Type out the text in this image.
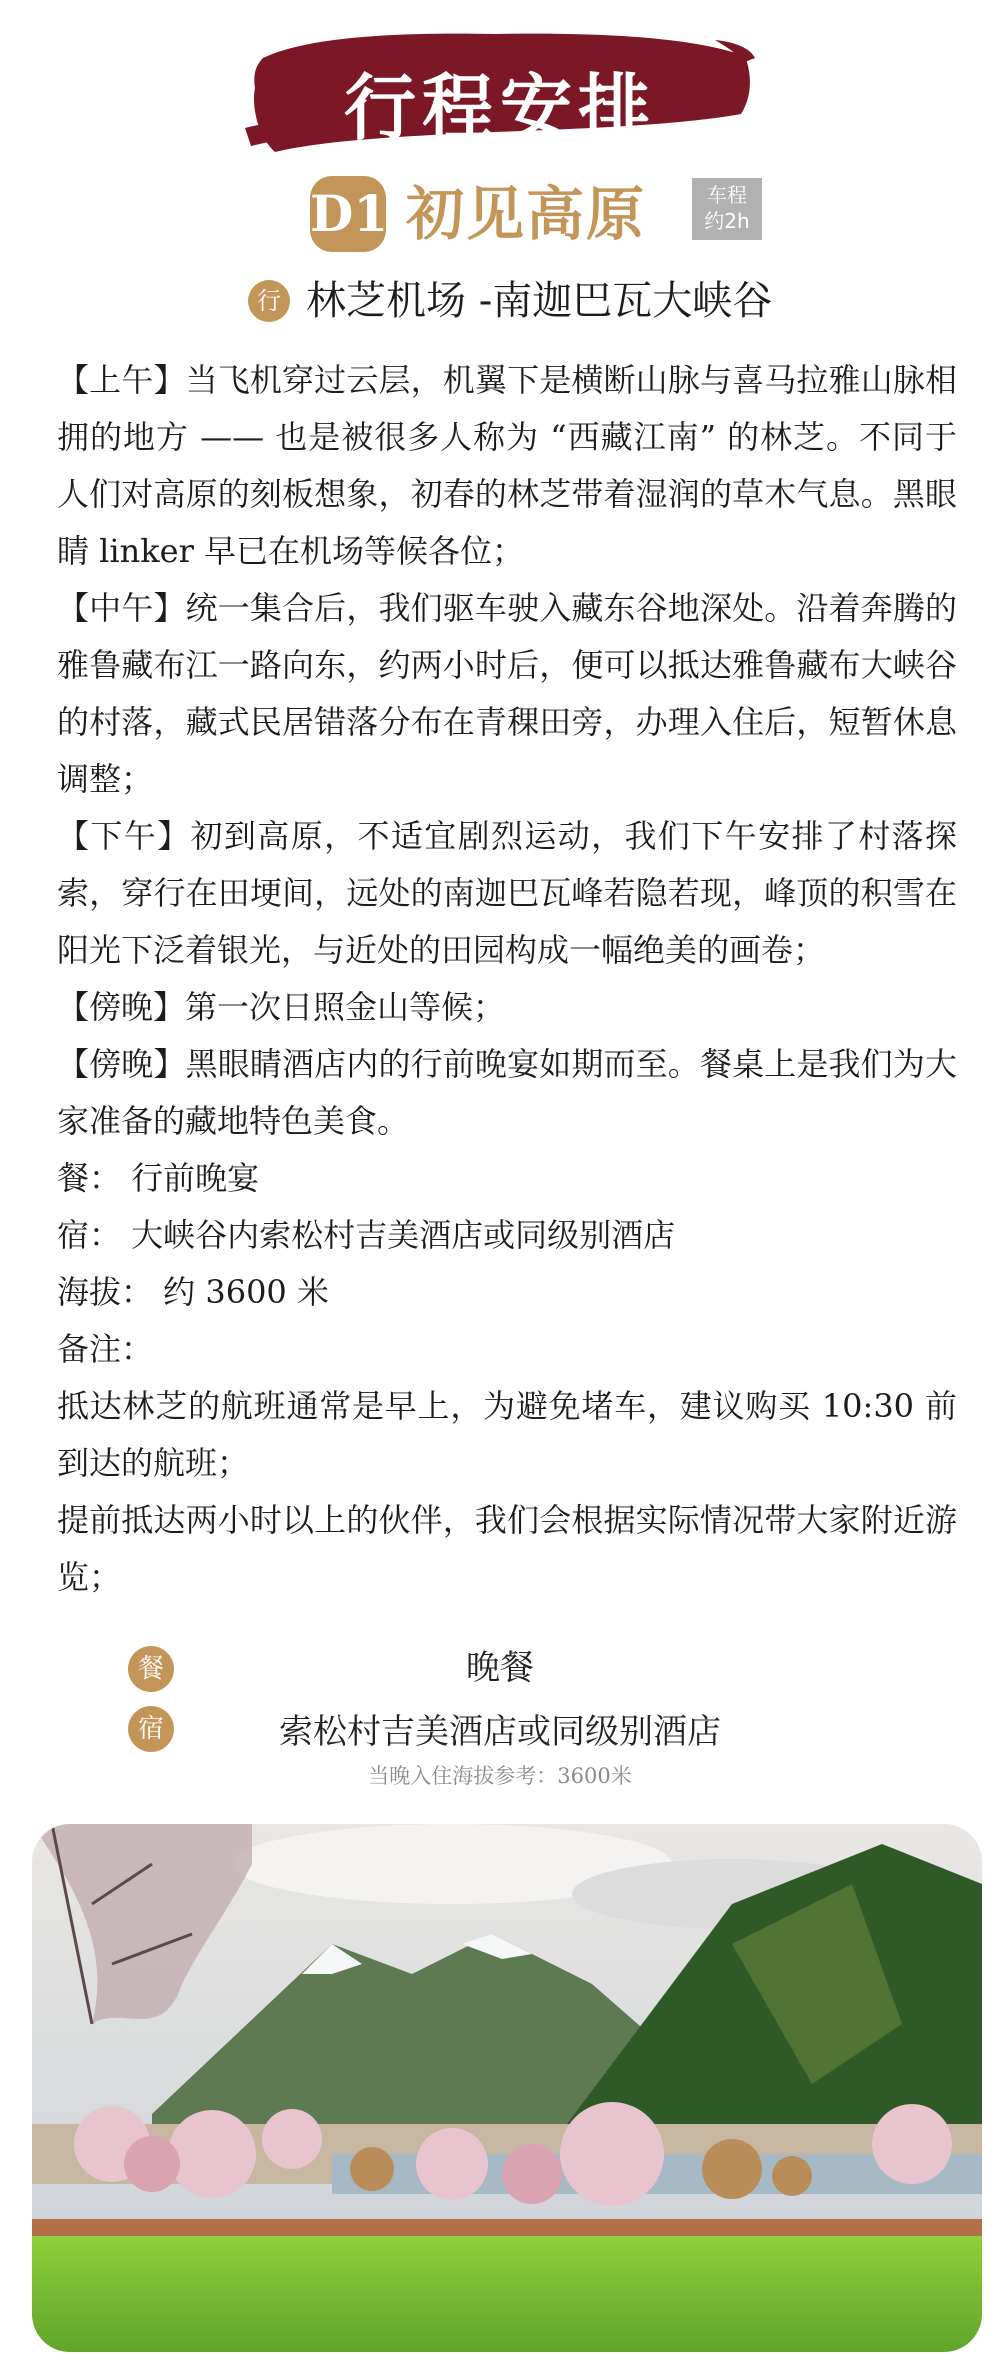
行程安排
D1 初见高原	车程
约2h
行 林芝机场 -南迦巴瓦大峡谷

【上午】当飞机穿过云层，机翼下是横断山脉与喜马拉雅山脉相拥的地方 —— 也是被很多人称为 “西藏江南” 的林芝。不同于人们对高原的刻板想象，初春的林芝带着湿润的草木气息。黑眼睛 linker 早已在机场等候各位；

【中午】统一集合后，我们驱车驶入藏东谷地深处。沿着奔腾的雅鲁藏布江一路向东，约两小时后，便可以抵达雅鲁藏布大峡谷的村落，藏式民居错落分布在青稞田旁，办理入住后，短暂休息调整；

【下午】初到高原，不适宜剧烈运动，我们下午安排了村落探索，穿行在田埂间，远处的南迦巴瓦峰若隐若现，峰顶的积雪在阳光下泛着银光，与近处的田园构成一幅绝美的画卷；

【傍晚】第一次日照金山等候；

【傍晚】黑眼睛酒店内的行前晚宴如期而至。餐桌上是我们为大家准备的藏地特色美食。

餐： 行前晚宴

宿： 大峡谷内索松村吉美酒店或同级别酒店

海拔： 约 3600 米

备注：

抵达林芝的航班通常是早上，为避免堵车，建议购买 10:30 前到达的航班；

提前抵达两小时以上的伙伴，我们会根据实际情况带大家附近游览；

餐	晚餐
宿	索松村吉美酒店或同级别酒店
当晚入住海拔参考：3600米
